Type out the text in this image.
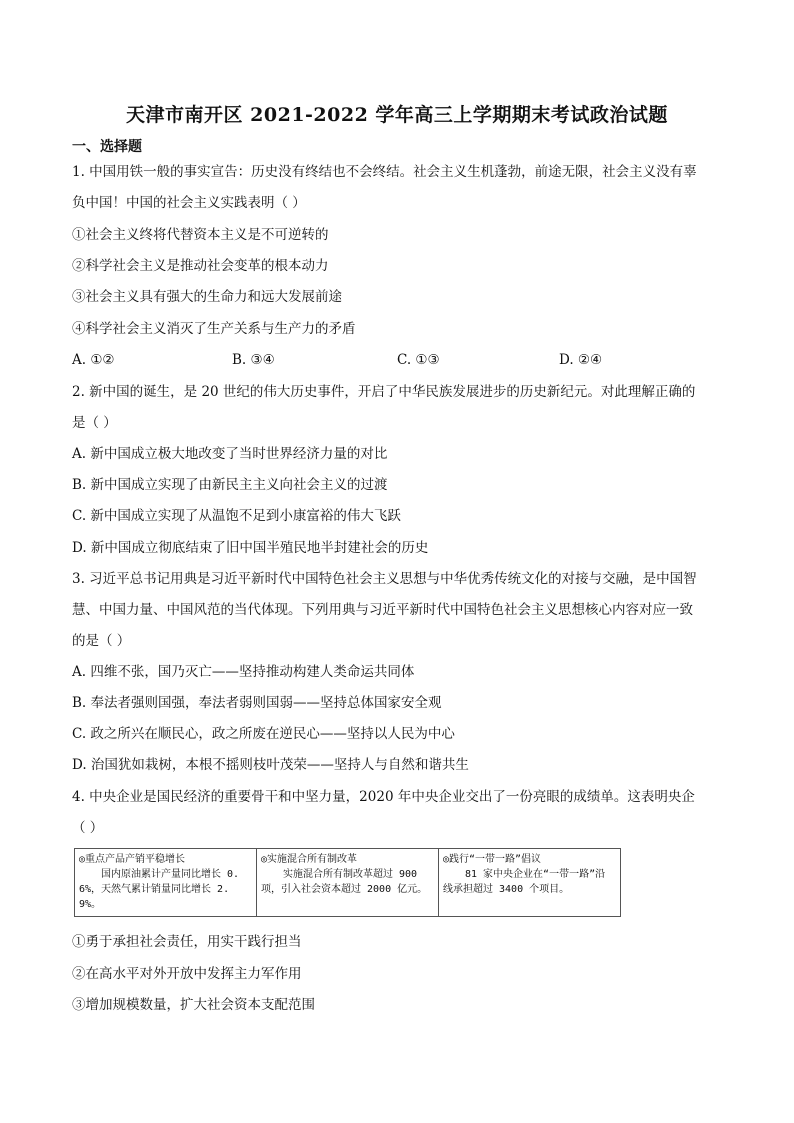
天津市南开区 2021-2022 学年高三上学期期末考试政治试题
一、选择题
1. 中国用铁一般的事实宣告：历史没有终结也不会终结。社会主义生机蓬勃，前途无限，社会主义没有辜
负中国！中国的社会主义实践表明（ ）
①社会主义终将代替资本主义是不可逆转的
②科学社会主义是推动社会变革的根本动力
③社会主义具有强大的生命力和远大发展前途
④科学社会主义消灭了生产关系与生产力的矛盾
A. ①②	B. ③④	C. ①③	D. ②④
2. 新中国的诞生，是 20 世纪的伟大历史事件，开启了中华民族发展进步的历史新纪元。对此理解正确的
是（ ）
A. 新中国成立极大地改变了当时世界经济力量的对比
B. 新中国成立实现了由新民主主义向社会主义的过渡
C. 新中国成立实现了从温饱不足到小康富裕的伟大飞跃
D. 新中国成立彻底结束了旧中国半殖民地半封建社会的历史
3. 习近平总书记用典是习近平新时代中国特色社会主义思想与中华优秀传统文化的对接与交融，是中国智
慧、中国力量、中国风范的当代体现。下列用典与习近平新时代中国特色社会主义思想核心内容对应一致
的是（ ）
A. 四维不张，国乃灭亡——坚持推动构建人类命运共同体
B. 奉法者强则国强，奉法者弱则国弱——坚持总体国家安全观
C. 政之所兴在顺民心，政之所废在逆民心——坚持以人民为中心
D. 治国犹如栽树，本根不摇则枝叶茂荣——坚持人与自然和谐共生
4. 中央企业是国民经济的重要骨干和中坚力量，2020 年中央企业交出了一份亮眼的成绩单。这表明央企
（ ）
◎重点产品产销平稳增长
国内原油累计产量同比增长 0.6%，天然气累计销量同比增长 2.9%。
◎实施混合所有制改革
实施混合所有制改革超过 900 项，引入社会资本超过 2000 亿元。
◎践行“一带一路”倡议
81 家中央企业在“一带一路”沿线承担超过 3400 个项目。
①勇于承担社会责任，用实干践行担当
②在高水平对外开放中发挥主力军作用
③增加规模数量，扩大社会资本支配范围
